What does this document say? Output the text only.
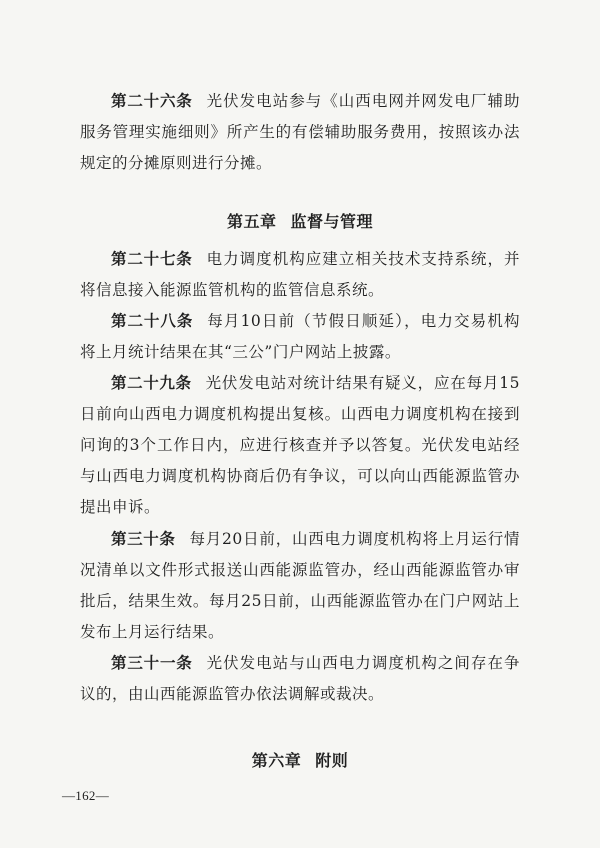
第二十六条 光伏发电站参与《山西电网并网发电厂辅助服务管理实施细则》所产生的有偿辅助服务费用，按照该办法规定的分摊原则进行分摊。

第五章 监督与管理

第二十七条 电力调度机构应建立相关技术支持系统，并将信息接入能源监管机构的监管信息系统。

第二十八条 每月10日前（节假日顺延），电力交易机构将上月统计结果在其“三公”门户网站上披露。

第二十九条 光伏发电站对统计结果有疑义，应在每月15日前向山西电力调度机构提出复核。山西电力调度机构在接到问询的3个工作日内，应进行核查并予以答复。光伏发电站经与山西电力调度机构协商后仍有争议，可以向山西能源监管办提出申诉。

第三十条 每月20日前，山西电力调度机构将上月运行情况清单以文件形式报送山西能源监管办，经山西能源监管办审批后，结果生效。每月25日前，山西能源监管办在门户网站上发布上月运行结果。

第三十一条 光伏发电站与山西电力调度机构之间存在争议的，由山西能源监管办依法调解或裁决。

第六章 附则
—162—
